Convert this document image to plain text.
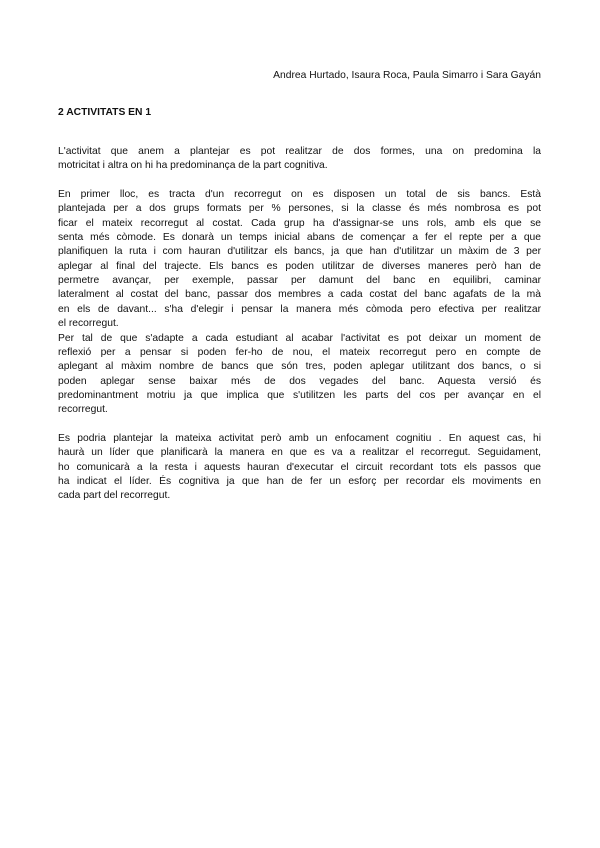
Andrea Hurtado, Isaura Roca, Paula Simarro i Sara Gayán
2 ACTIVITATS EN 1
L'activitat que anem a plantejar es pot realitzar de dos formes, una on predomina la
motricitat i altra on hi ha predominança de la part cognitiva.
En primer lloc, es tracta d'un recorregut on es disposen un total de sis bancs. Està
plantejada per a dos grups formats per % persones, si la classe és més nombrosa es pot
ficar el mateix recorregut al costat. Cada grup ha d'assignar-se uns rols, amb els que se
senta més còmode. Es donarà un temps inicial abans de començar a fer el repte per a que
planifiquen la ruta i com hauran d'utilitzar els bancs, ja que han d'utilitzar un màxim de 3 per
aplegar al final del trajecte. Els bancs es poden utilitzar de diverses maneres però han de
permetre avançar, per exemple, passar per damunt del banc en equilibri, caminar
lateralment al costat del banc, passar dos membres a cada costat del banc agafats de la mà
en els de davant... s'ha d'elegir i pensar la manera més còmoda pero efectiva per realitzar
el recorregut.
Per tal de que s'adapte a cada estudiant al acabar l'activitat es pot deixar un moment de
reflexió per a pensar si poden fer-ho de nou, el mateix recorregut pero en compte de
aplegant al màxim nombre de bancs que són tres, poden aplegar utilitzant dos bancs, o si
poden aplegar sense baixar més de dos vegades del banc. Aquesta versió és
predominantment motriu ja que implica que s'utilitzen les parts del cos per avançar en el
recorregut.
Es podria plantejar la mateixa activitat però amb un enfocament cognitiu . En aquest cas, hi
haurà un líder que planificarà la manera en que es va a realitzar el recorregut. Seguidament,
ho comunicarà a la resta i aquests hauran d'executar el circuit recordant tots els passos que
ha indicat el líder. És cognitiva ja que han de fer un esforç per recordar els moviments en
cada part del recorregut.
